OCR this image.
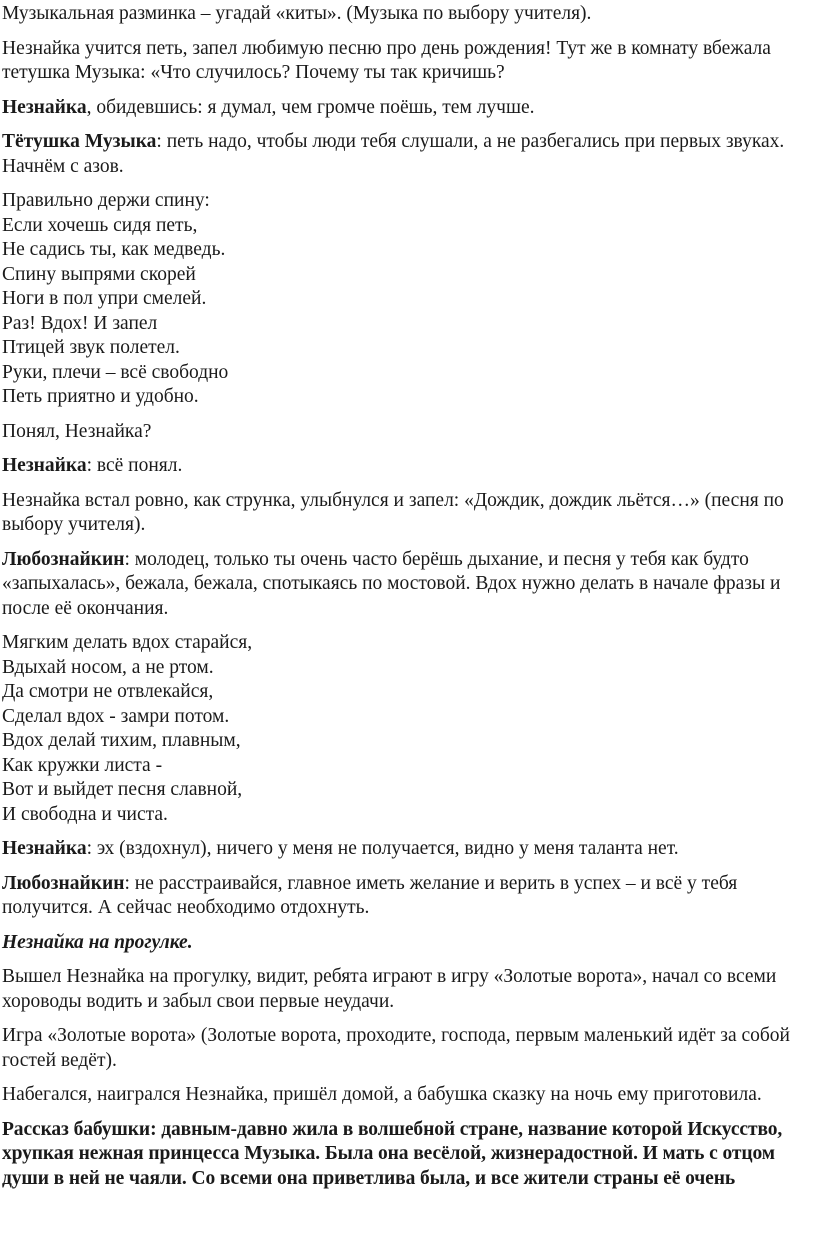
Музыкальная разминка – угадай «киты». (Музыка по выбору учителя).

Незнайка учится петь, запел любимую песню про день рождения! Тут же в комнату вбежала тетушка Музыка: «Что случилось? Почему ты так кричишь?

Незнайка, обидевшись: я думал, чем громче поёшь, тем лучше.

Тётушка Музыка: петь надо, чтобы люди тебя слушали, а не разбегались при первых звуках. Начнём с азов.

Правильно держи спину:
Если хочешь сидя петь,
Не садись ты, как медведь.
Спину выпрями скорей
Ноги в пол упри смелей.
Раз! Вдох! И запел
Птицей звук полетел.
Руки, плечи – всё свободно
Петь приятно и удобно.

Понял, Незнайка?

Незнайка: всё понял.

Незнайка встал ровно, как струнка, улыбнулся и запел: «Дождик, дождик льётся…» (песня по выбору учителя).

Любознайкин: молодец, только ты очень часто берёшь дыхание, и песня у тебя как будто «запыхалась», бежала, бежала, спотыкаясь по мостовой. Вдох нужно делать в начале фразы и после её окончания.

Мягким делать вдох старайся,
Вдыхай носом, а не ртом.
Да смотри не отвлекайся,
Сделал вдох - замри потом.
Вдох делай тихим, плавным,
Как кружки листа -
Вот и выйдет песня славной,
И свободна и чиста.

Незнайка: эх (вздохнул), ничего у меня не получается, видно у меня таланта нет.

Любознайкин: не расстраивайся, главное иметь желание и верить в успех – и всё у тебя получится. А сейчас необходимо отдохнуть.

Незнайка на прогулке.

Вышел Незнайка на прогулку, видит, ребята играют в игру «Золотые ворота», начал со всеми хороводы водить и забыл свои первые неудачи.

Игра «Золотые ворота» (Золотые ворота, проходите, господа, первым маленький идёт за собой гостей ведёт).

Набегался, наигрался Незнайка, пришёл домой, а бабушка сказку на ночь ему приготовила.

Рассказ бабушки: давным-давно жила в волшебной стране, название которой Искусство, хрупкая нежная принцесса Музыка. Была она весёлой, жизнерадостной. И мать с отцом души в ней не чаяли. Со всеми она приветлива была, и все жители страны её очень
